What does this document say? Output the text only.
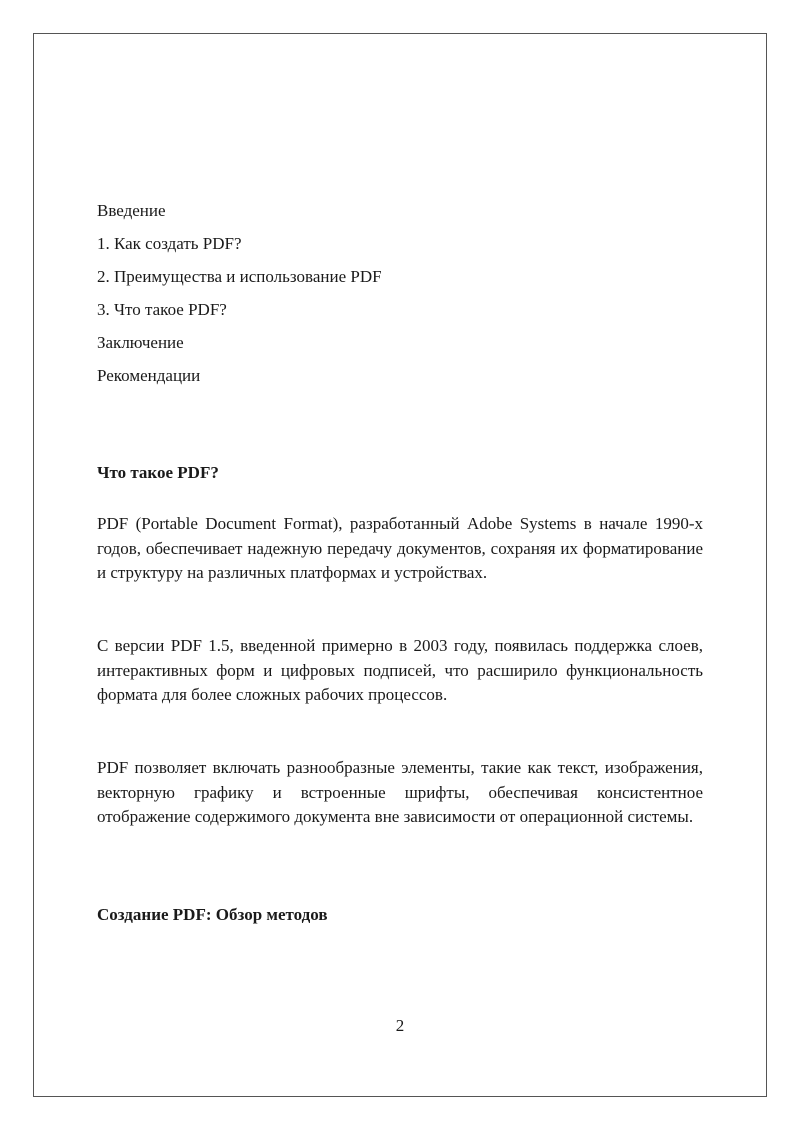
Введение
1. Как создать PDF?
2. Преимущества и использование PDF
3. Что такое PDF?
Заключение
Рекомендации
Что такое PDF?

PDF (Portable Document Format), разработанный Adobe Systems в начале 1990-х годов, обеспечивает надежную передачу документов, сохраняя их форматирование и структуру на различных платформах и устройствах.

С версии PDF 1.5, введенной примерно в 2003 году, появилась поддержка слоев, интерактивных форм и цифровых подписей, что расширило функциональность формата для более сложных рабочих процессов.

PDF позволяет включать разнообразные элементы, такие как текст, изображения, векторную графику и встроенные шрифты, обеспечивая консистентное отображение содержимого документа вне зависимости от операционной системы.

Создание PDF: Обзор методов
2
